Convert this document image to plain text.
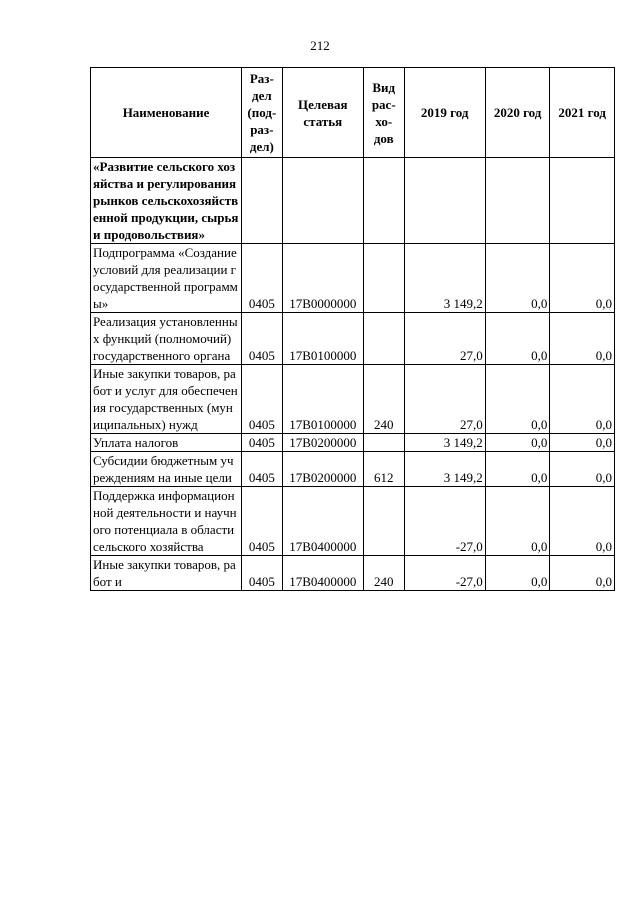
212
Наименование	Раз-дел (под-раз-дел)	Целевая статья	Вид рас-хо-дов	2019 год	2020 год	2021 год
«Развитие сельского хозяйства и регулирования рынков сельскохозяйственной продукции, сырья и продовольствия»						
Подпрограмма «Создание условий для реализации государственной программы»	0405	17В0000000		3 149,2	0,0	0,0
Реализация установленных функций (полномочий) государственного органа	0405	17В0100000		27,0	0,0	0,0
Иные закупки товаров, работ и услуг для обеспечения государственных (муниципальных) нужд	0405	17В0100000	240	27,0	0,0	0,0
Уплата налогов	0405	17В0200000		3 149,2	0,0	0,0
Субсидии бюджетным учреждениям на иные цели	0405	17В0200000	612	3 149,2	0,0	0,0
Поддержка информационной деятельности и научного потенциала в области сельского хозяйства	0405	17В0400000		-27,0	0,0	0,0
Иные закупки товаров, работ и	0405	17В0400000	240	-27,0	0,0	0,0
